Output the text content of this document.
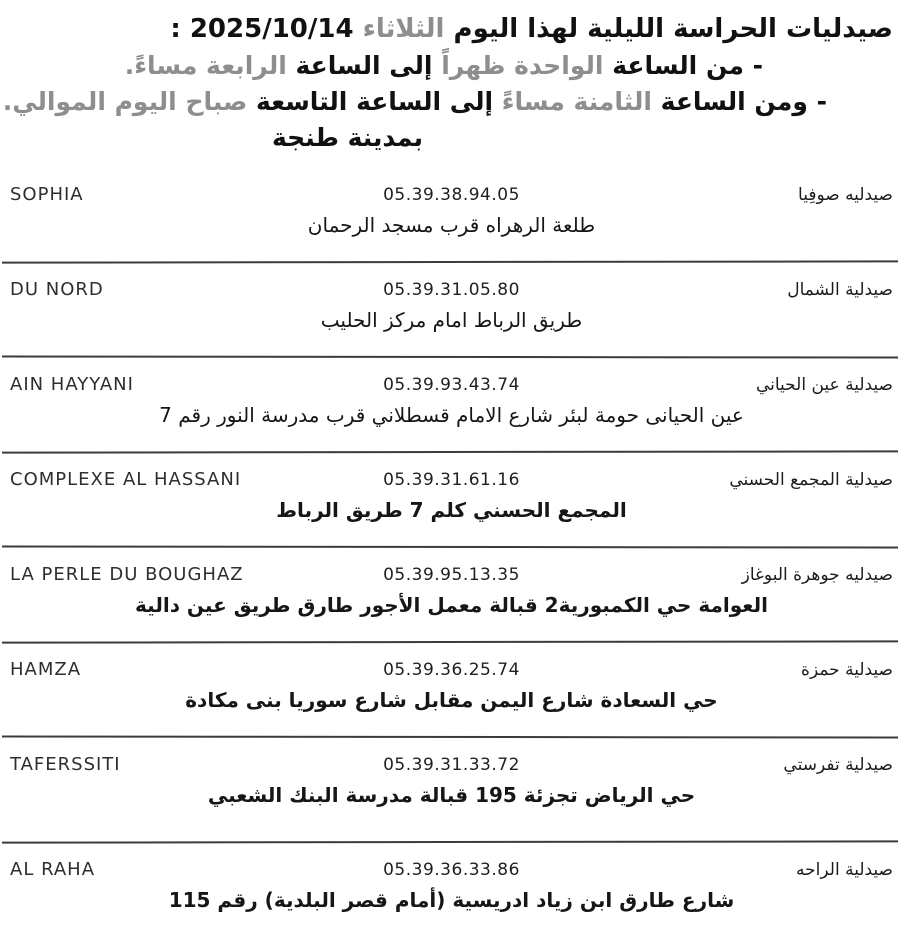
صيدليات الحراسة الليلية لهذا اليوم الثلاثاء 2025/10/14 :
- من الساعة الواحدة ظهراً إلى الساعة الرابعة مساءً.
- ومن الساعة الثامنة مساءً إلى الساعة التاسعة صباح اليوم الموالي.
بمدينة طنجة
SOPHIA	05.39.38.94.05	صيدليه صوفِيا
طلعة الرهراه قرب مسجد الرحمان
DU NORD	05.39.31.05.80	صيدلية الشمال
طريق الرباط امام مركز الحليب
AIN HAYYANI	05.39.93.43.74	صيدلية عين الحياني
عين الحيانى حومة لبئر شارع الامام قسطلاني قرب مدرسة النور رقم 7
COMPLEXE AL HASSANI	05.39.31.61.16	صيدلية المجمع الحسني
المجمع الحسني كلم 7 طريق الرباط
LA PERLE DU BOUGHAZ	05.39.95.13.35	صيدليه جوهرة البوغاز
العوامة حي الكمبورية2 قبالة معمل الأجور طارق طريق عين دالية
HAMZA	05.39.36.25.74	صيدلية حمزة
حي السعادة شارع اليمن مقابل شارع سوريا بنى مكادة
TAFERSSITI	05.39.31.33.72	صيدلية تفرستي
حي الرياض تجزئة 195 قبالة مدرسة البنك الشعبي
AL RAHA	05.39.36.33.86	صيدلية الراحه
شارع طارق ابن زياد ادريسية (أمام قصر البلدية) رقم 115
